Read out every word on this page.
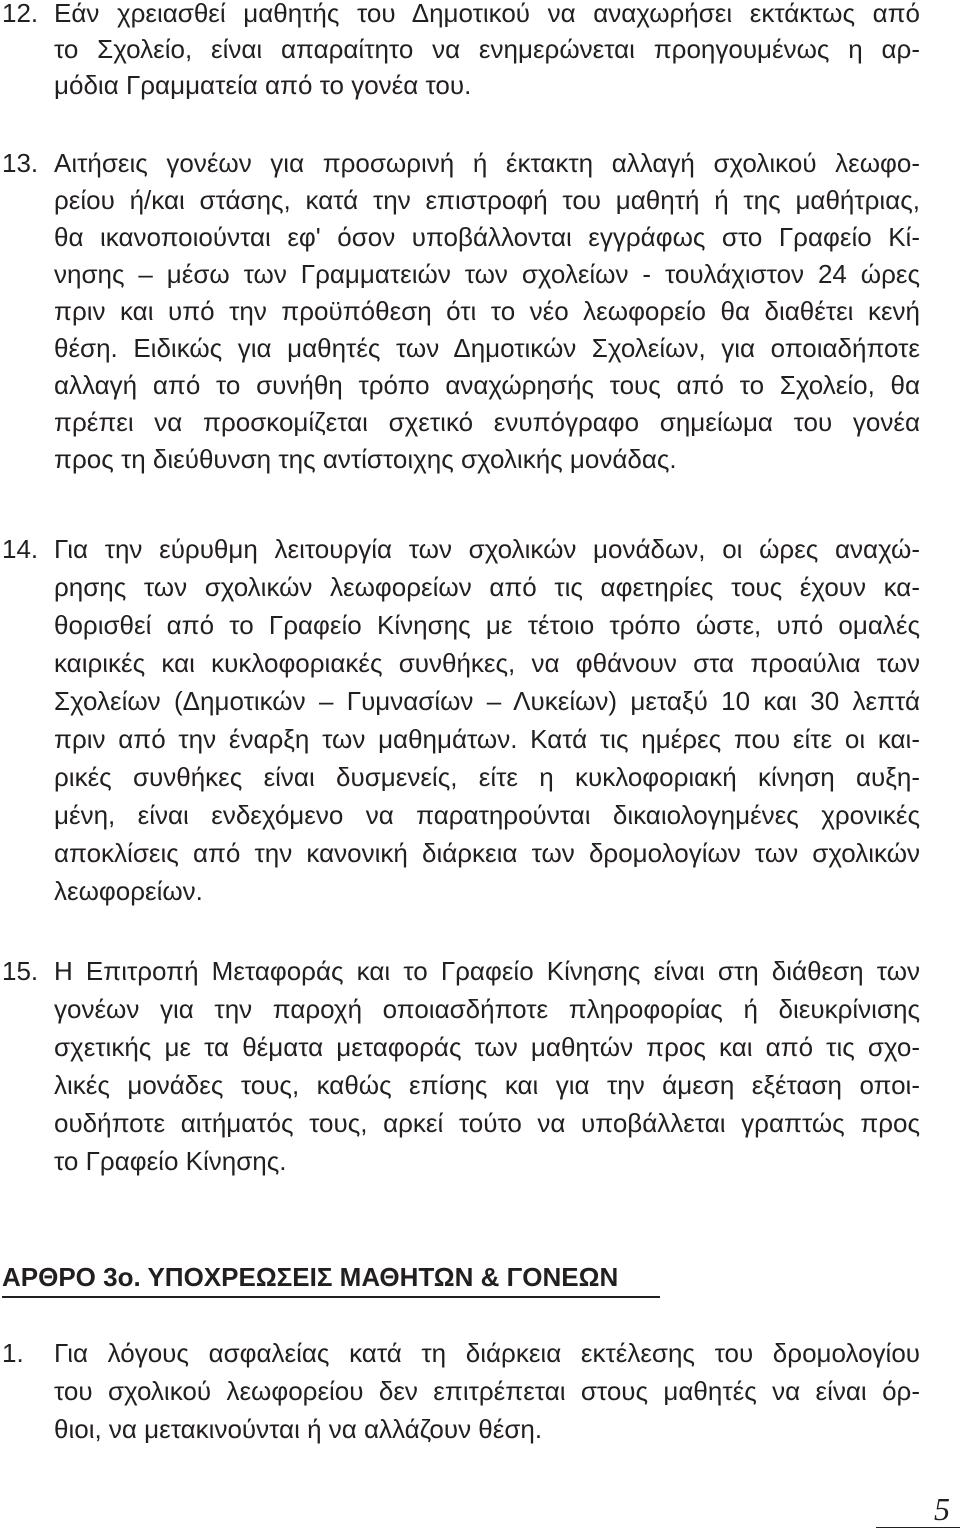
12. Εάν χρειασθεί μαθητής του Δημοτικού να αναχωρήσει εκτάκτως από
το Σχολείο, είναι απαραίτητο να ενημερώνεται προηγουμένως η αρ-
μόδια Γραμματεία από το γονέα του.
13. Αιτήσεις γονέων για προσωρινή ή έκτακτη αλλαγή σχολικού λεωφο-
ρείου ή/και στάσης, κατά την επιστροφή του μαθητή ή της μαθήτριας,
θα ικανοποιούνται εφ' όσον υποβάλλονται εγγράφως στο Γραφείο Κί-
νησης – μέσω των Γραμματειών των σχολείων - τουλάχιστον 24 ώρες
πριν και υπό την προϋπόθεση ότι το νέο λεωφορείο θα διαθέτει κενή
θέση. Ειδικώς για μαθητές των Δημοτικών Σχολείων, για οποιαδήποτε
αλλαγή από το συνήθη τρόπο αναχώρησής τους από το Σχολείο, θα
πρέπει να προσκομίζεται σχετικό ενυπόγραφο σημείωμα του γονέα
προς τη διεύθυνση της αντίστοιχης σχολικής μονάδας.
14. Για την εύρυθμη λειτουργία των σχολικών μονάδων, οι ώρες αναχώ-
ρησης των σχολικών λεωφορείων από τις αφετηρίες τους έχουν κα-
θορισθεί από το Γραφείο Κίνησης με τέτοιο τρόπο ώστε, υπό ομαλές
καιρικές και κυκλοφοριακές συνθήκες, να φθάνουν στα προαύλια των
Σχολείων (Δημοτικών – Γυμνασίων – Λυκείων) μεταξύ 10 και 30 λεπτά
πριν από την έναρξη των μαθημάτων. Κατά τις ημέρες που είτε οι και-
ρικές συνθήκες είναι δυσμενείς, είτε η κυκλοφοριακή κίνηση αυξη-
μένη, είναι ενδεχόμενο να παρατηρούνται δικαιολογημένες χρονικές
αποκλίσεις από την κανονική διάρκεια των δρομολογίων των σχολικών
λεωφορείων.
15. Η Επιτροπή Μεταφοράς και το Γραφείο Κίνησης είναι στη διάθεση των
γονέων για την παροχή οποιασδήποτε πληροφορίας ή διευκρίνισης
σχετικής με τα θέματα μεταφοράς των μαθητών προς και από τις σχο-
λικές μονάδες τους, καθώς επίσης και για την άμεση εξέταση οποι-
ουδήποτε αιτήματός τους, αρκεί τούτο να υποβάλλεται γραπτώς προς
το Γραφείο Κίνησης.
ΑΡΘΡΟ 3ο. ΥΠΟΧΡΕΩΣΕΙΣ ΜΑΘΗΤΩΝ & ΓΟΝΕΩΝ
1. Για λόγους ασφαλείας κατά τη διάρκεια εκτέλεσης του δρομολογίου
του σχολικού λεωφορείου δεν επιτρέπεται στους μαθητές να είναι όρ-
θιοι, να μετακινούνται ή να αλλάζουν θέση.
5
